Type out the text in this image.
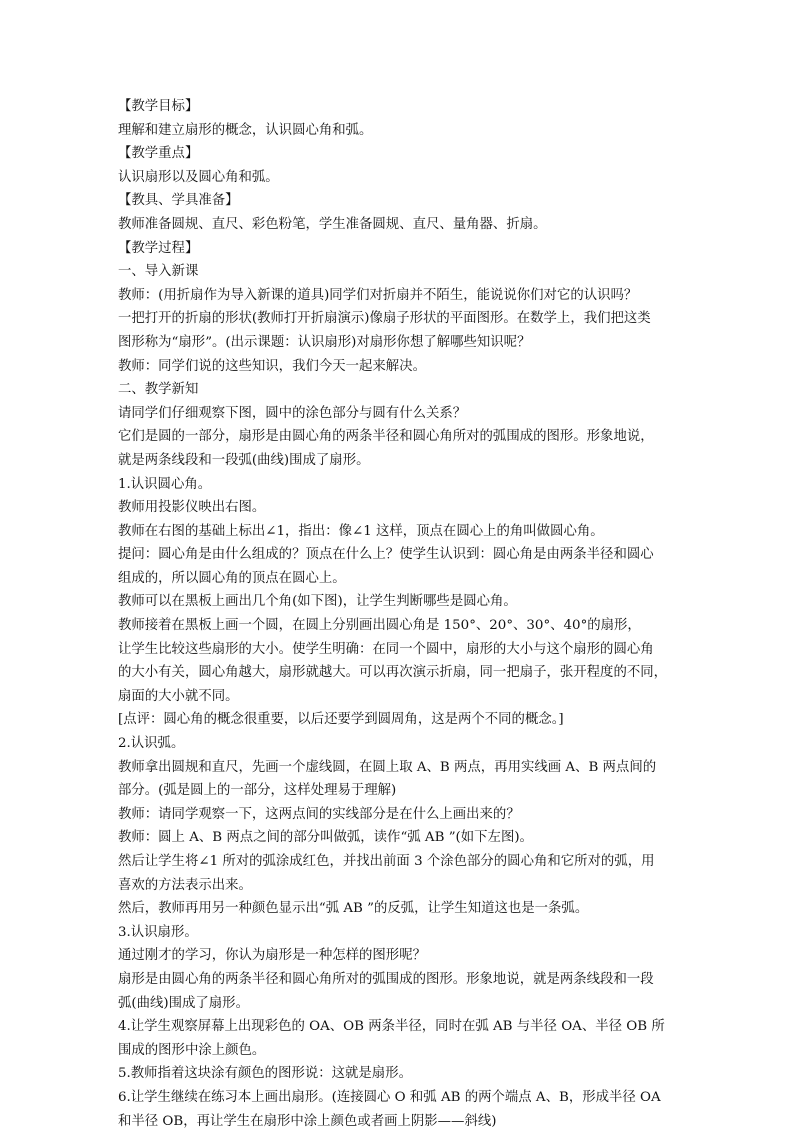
【教学目标】
理解和建立扇形的概念，认识圆心角和弧。
【教学重点】
认识扇形以及圆心角和弧。
【教具、学具准备】
教师准备圆规、直尺、彩色粉笔，学生准备圆规、直尺、量角器、折扇。
【教学过程】
一、导入新课
教师：(用折扇作为导入新课的道具)同学们对折扇并不陌生，能说说你们对它的认识吗？
一把打开的折扇的形状(教师打开折扇演示)像扇子形状的平面图形。在数学上，我们把这类
图形称为“扇形”。(出示课题：认识扇形)对扇形你想了解哪些知识呢？
教师：同学们说的这些知识，我们今天一起来解决。
二、教学新知
请同学们仔细观察下图，圆中的涂色部分与圆有什么关系？
它们是圆的一部分，扇形是由圆心角的两条半径和圆心角所对的弧围成的图形。形象地说，
就是两条线段和一段弧(曲线)围成了扇形。
1.认识圆心角。
教师用投影仪映出右图。
教师在右图的基础上标出∠1，指出：像∠1 这样，顶点在圆心上的角叫做圆心角。
提问：圆心角是由什么组成的？顶点在什么上？使学生认识到：圆心角是由两条半径和圆心
组成的，所以圆心角的顶点在圆心上。
教师可以在黑板上画出几个角(如下图)，让学生判断哪些是圆心角。
教师接着在黑板上画一个圆，在圆上分别画出圆心角是 150°、20°、30°、40°的扇形，
让学生比较这些扇形的大小。使学生明确：在同一个圆中，扇形的大小与这个扇形的圆心角
的大小有关，圆心角越大，扇形就越大。可以再次演示折扇，同一把扇子，张开程度的不同，
扇面的大小就不同。
[点评：圆心角的概念很重要，以后还要学到圆周角，这是两个不同的概念。]
2.认识弧。
教师拿出圆规和直尺，先画一个虚线圆，在圆上取 A、B 两点，再用实线画 A、B 两点间的
部分。(弧是圆上的一部分，这样处理易于理解)
教师：请同学观察一下，这两点间的实线部分是在什么上画出来的？
教师：圆上 A、B 两点之间的部分叫做弧，读作“弧 AB ”(如下左图)。
然后让学生将∠1 所对的弧涂成红色，并找出前面 3 个涂色部分的圆心角和它所对的弧，用
喜欢的方法表示出来。
然后，教师再用另一种颜色显示出“弧 AB ”的反弧，让学生知道这也是一条弧。
3.认识扇形。
通过刚才的学习，你认为扇形是一种怎样的图形呢？
扇形是由圆心角的两条半径和圆心角所对的弧围成的图形。形象地说，就是两条线段和一段
弧(曲线)围成了扇形。
4.让学生观察屏幕上出现彩色的 OA、OB 两条半径，同时在弧 AB 与半径 OA、半径 OB 所
围成的图形中涂上颜色。
5.教师指着这块涂有颜色的图形说：这就是扇形。
6.让学生继续在练习本上画出扇形。(连接圆心 O 和弧 AB 的两个端点 A、B，形成半径 OA
和半径 OB，再让学生在扇形中涂上颜色或者画上阴影——斜线)
